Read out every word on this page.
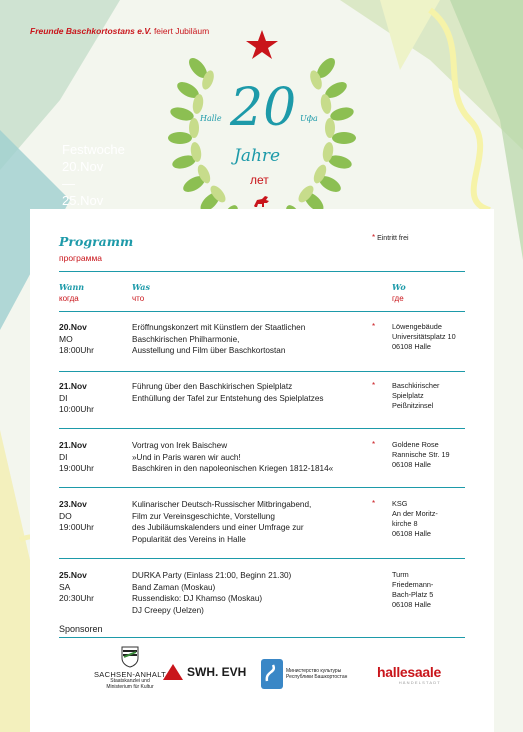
Freunde Baschkortostans e.V. feiert Jubiläum
Festwoche
20.Nov
—
25.Nov
20
Halle	Uфa
Jahre
лет
Programm
программа
* Eintritt frei
Wann
когда
Was
что
Wo
где
20.Nov
MO
18:00Uhr
Eröffnungskonzert mit Künstlern der Staatlichen
Baschkirischen Philharmonie,
Ausstellung und Film über Baschkortostan
* Löwengebäude
Universitätsplatz 10
06108 Halle
21.Nov
DI
10:00Uhr
Führung über den Baschkirischen Spielplatz
Enthüllung der Tafel zur Entstehung des Spielplatzes
* Baschkirischer
Spielplatz
Peißnitzinsel
21.Nov
DI
19:00Uhr
Vortrag von Irek Baischew
»Und in Paris waren wir auch!
Baschkiren in den napoleonischen Kriegen 1812-1814«
* Goldene Rose
Rannische Str. 19
06108 Halle
23.Nov
DO
19:00Uhr
Kulinarischer Deutsch-Russischer Mitbringabend,
Film zur Vereinsgeschichte, Vorstellung
des Jubiläumskalenders und einer Umfrage zur
Popularität des Vereins in Halle
* KSG
An der Moritz-
kirche 8
06108 Halle
25.Nov
SA
20:30Uhr
DURKA Party (Einlass 21:00, Beginn 21.30)
Band Zaman (Moskau)
Russendisko: DJ Khamso (Moskau)
DJ Creepy (Uelzen)
Turm
Friedemann-
Bach-Platz 5
06108 Halle
Sponsoren
SACHSEN-ANHALT
Staatskanzlei und
Ministerium für Kultur
SWH. EVH	Министерство культуры
Республики Башкортостан hallesaale
HÄNDELSTADT
